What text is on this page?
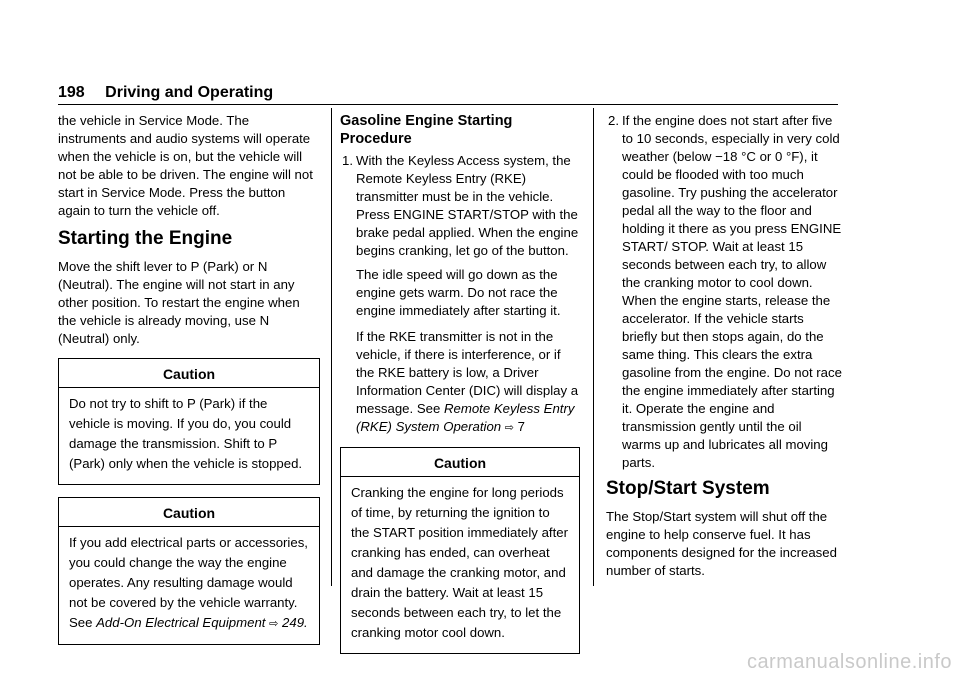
198 Driving and Operating

the vehicle in Service Mode. The instruments and audio systems will operate when the vehicle is on, but the vehicle will not be able to be driven. The engine will not start in Service Mode. Press the button again to turn the vehicle off.

Starting the Engine

Move the shift lever to P (Park) or N (Neutral). The engine will not start in any other position. To restart the engine when the vehicle is already moving, use N (Neutral) only.

Caution
Do not try to shift to P (Park) if the vehicle is moving. If you do, you could damage the transmission. Shift to P (Park) only when the vehicle is stopped.
Caution
If you add electrical parts or accessories, you could change the way the engine operates. Any resulting damage would not be covered by the vehicle warranty. See Add-On Electrical Equipment ⇨ 249.
Gasoline Engine Starting Procedure
1. With the Keyless Access system, the Remote Keyless Entry (RKE) transmitter must be in the vehicle. Press ENGINE START/STOP with the brake pedal applied. When the engine begins cranking, let go of the button.

The idle speed will go down as the engine gets warm. Do not race the engine immediately after starting it.

If the RKE transmitter is not in the vehicle, if there is interference, or if the RKE battery is low, a Driver Information Center (DIC) will display a message. See Remote Keyless Entry (RKE) System Operation ⇨ 7

Caution
Cranking the engine for long periods of time, by returning the ignition to the START position immediately after cranking has ended, can overheat and damage the cranking motor, and drain the battery. Wait at least 15 seconds between each try, to let the cranking motor cool down.
2. If the engine does not start after five to 10 seconds, especially in very cold weather (below −18 °C or 0 °F), it could be flooded with too much gasoline. Try pushing the accelerator pedal all the way to the floor and holding it there as you press ENGINE START/ STOP. Wait at least 15 seconds between each try, to allow the cranking motor to cool down. When the engine starts, release the accelerator. If the vehicle starts briefly but then stops again, do the same thing. This clears the extra gasoline from the engine. Do not race the engine immediately after starting it. Operate the engine and transmission gently until the oil warms up and lubricates all moving parts.
Stop/Start System

The Stop/Start system will shut off the engine to help conserve fuel. It has components designed for the increased number of starts.

carmanualsonline.info
